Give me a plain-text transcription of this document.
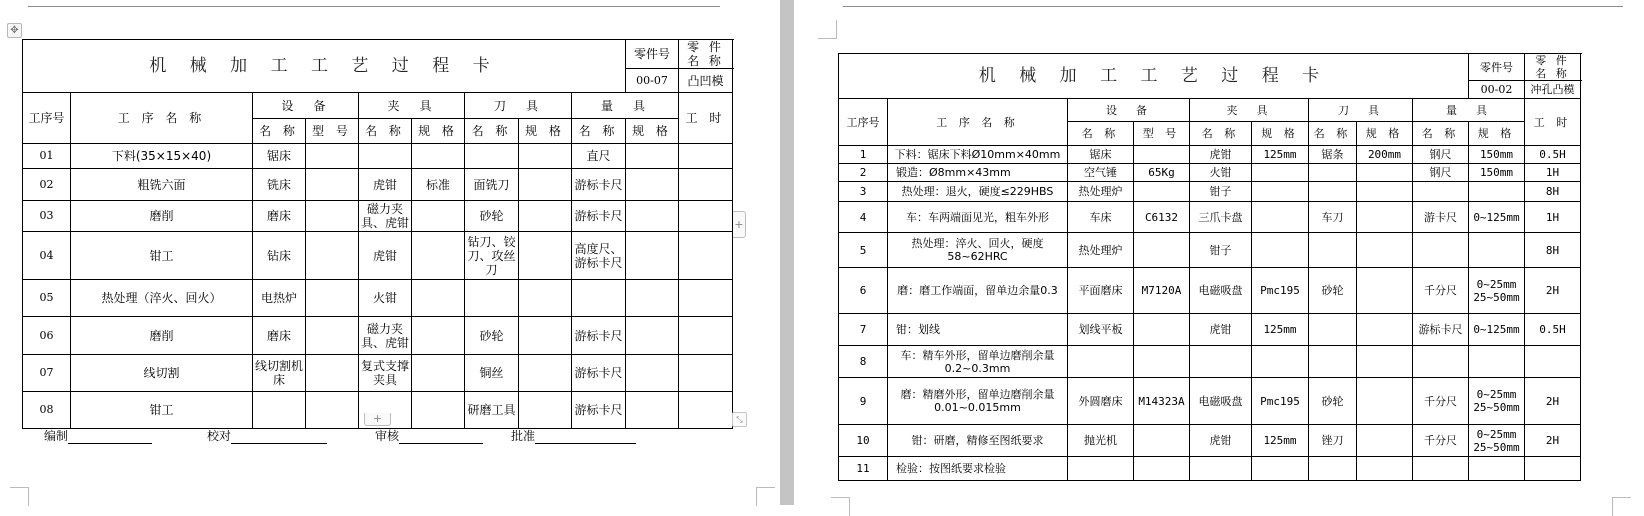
✥
机 械 加 工 工 艺 过 程 卡									零件号	零 件 名 称
									00-07	凸凹模
工序号	工 序 名 称	设　备		夹　具		刀　具		量　具		工 时
		名 称	型 号	名 称	规 格	名 称	规 格	名 称	规 格	
01	下料(35×15×40)	锯床						直尺		
02	粗铣六面	铣床		虎钳	标准	面铣刀		游标卡尺		
03	磨削	磨床		磁力夹具、虎钳		砂轮		游标卡尺		
04	钳工	钻床		虎钳		钻刀、铰刀、攻丝刀		高度尺、游标卡尺		
05	热处理（淬火、回火）	电热炉		火钳						
06	磨削	磨床		磁力夹具、虎钳		砂轮		游标卡尺		
07	线切割	线切割机床		复式支撑夹具		铜丝		游标卡尺		
08	钳工					研磨工具		游标卡尺		
+
+	⤡
编制	校对	审核	批准
机 械 加 工 工 艺 过 程 卡									零件号	零 件 名 称
									00-02	冲孔凸模
工序号	工 序 名 称	设　备		夹　具		刀　具		量　具		工 时
		名 称	型 号	名 称	规 格	名 称	规 格	名 称	规 格	
1	下料：锯床下料Ø10mm×40mm	锯床		虎钳	125mm	锯条	200mm	钢尺	150mm	0.5H
2	锻造：Ø8mm×43mm	空气锤	65Kg	火钳				钢尺	150mm	1H
3	热处理：退火，硬度≤229HBS	热处理炉		钳子						8H
4	车：车两端面见光，粗车外形	车床	C6132	三爪卡盘		车刀		游卡尺	0~125mm	1H
5	热处理：淬火、回火，硬度58~62HRC	热处理炉		钳子						8H
6	磨：磨工作端面，留单边余量0.3	平面磨床	M7120A	电磁吸盘	Pmc195	砂轮		千分尺	0~25mm 25~50mm	2H
7	钳：划线	划线平板		虎钳	125mm			游标卡尺	0~125mm	0.5H
8	车：精车外形，留单边磨削余量0.2~0.3mm									
9	磨：精磨外形，留单边磨削余量0.01~0.015mm	外圆磨床	M14323A	电磁吸盘	Pmc195	砂轮		千分尺	0~25mm 25~50mm	2H
10	钳：研磨，精修至图纸要求	抛光机		虎钳	125mm	锉刀		千分尺	0~25mm 25~50mm	2H
11	检验：按图纸要求检验									
